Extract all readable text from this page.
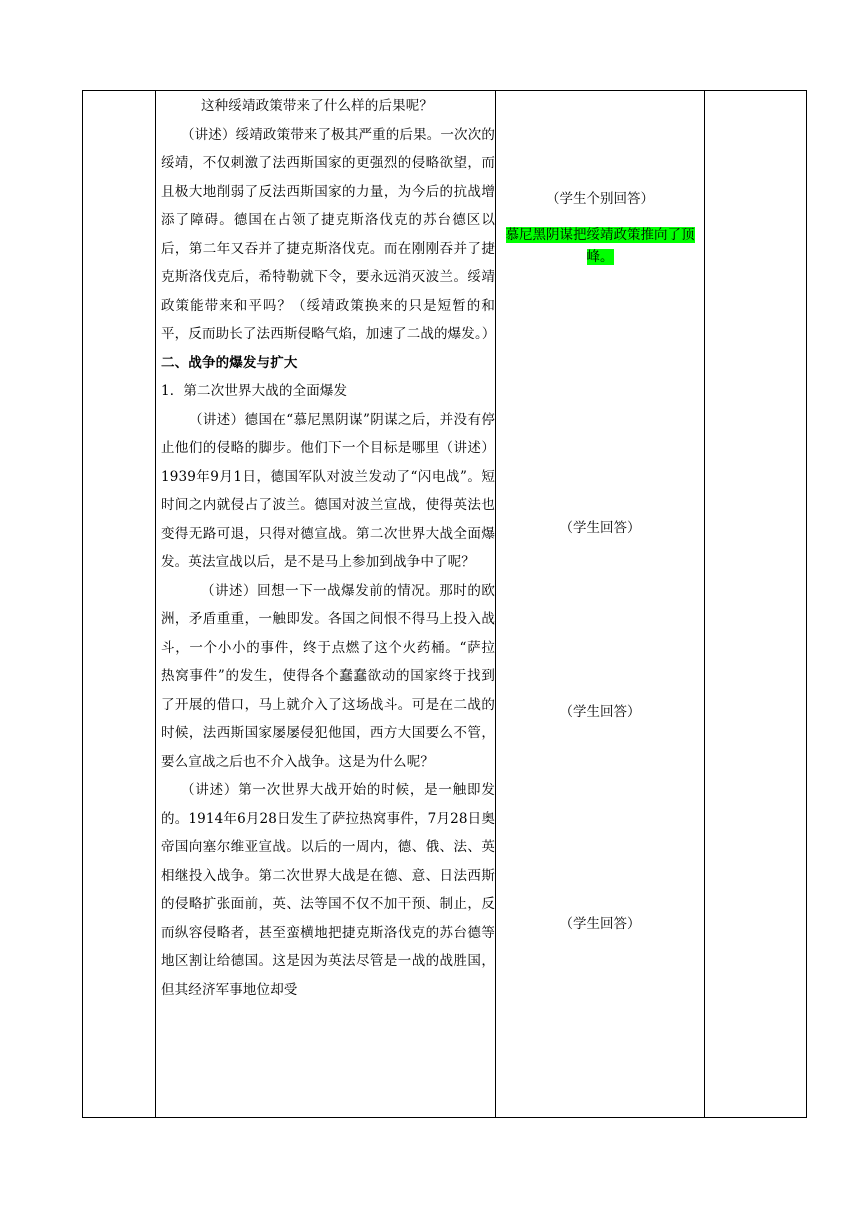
这种绥靖政策带来了什么样的后果呢？

（讲述）绥靖政策带来了极其严重的后果。一次次的绥靖，不仅刺激了法西斯国家的更强烈的侵略欲望，而且极大地削弱了反法西斯国家的力量，为今后的抗战增添了障碍。德国在占领了捷克斯洛伐克的苏台德区以后，第二年又吞并了捷克斯洛伐克。而在刚刚吞并了捷克斯洛伐克后，希特勒就下令，要永远消灭波兰。绥靖政策能带来和平吗？（绥靖政策换来的只是短暂的和平，反而助长了法西斯侵略气焰，加速了二战的爆发。）

二、战争的爆发与扩大

1．第二次世界大战的全面爆发

（讲述）德国在“慕尼黑阴谋”阴谋之后，并没有停止他们的侵略的脚步。他们下一个目标是哪里（讲述）1939年9月1日，德国军队对波兰发动了“闪电战”。短时间之内就侵占了波兰。德国对波兰宣战，使得英法也变得无路可退，只得对德宣战。第二次世界大战全面爆发。英法宣战以后，是不是马上参加到战争中了呢？

（讲述）回想一下一战爆发前的情况。那时的欧洲，矛盾重重，一触即发。各国之间恨不得马上投入战斗，一个小小的事件，终于点燃了这个火药桶。“萨拉热窝事件”的发生，使得各个蠢蠢欲动的国家终于找到了开展的借口，马上就介入了这场战斗。可是在二战的时候，法西斯国家屡屡侵犯他国，西方大国要么不管，要么宣战之后也不介入战争。这是为什么呢？

（讲述）第一次世界大战开始的时候，是一触即发的。1914年6月28日发生了萨拉热窝事件，7月28日奥帝国向塞尔维亚宣战。以后的一周内，德、俄、法、英相继投入战争。第二次世界大战是在德、意、日法西斯的侵略扩张面前，英、法等国不仅不加干预、制止，反而纵容侵略者，甚至蛮横地把捷克斯洛伐克的苏台德等地区割让给德国。这是因为英法尽管是一战的战胜国，但其经济军事地位却受

（学生个别回答）
慕尼黑阴谋把绥靖政策推向了顶峰。
（学生回答）
（学生回答）
（学生回答）
